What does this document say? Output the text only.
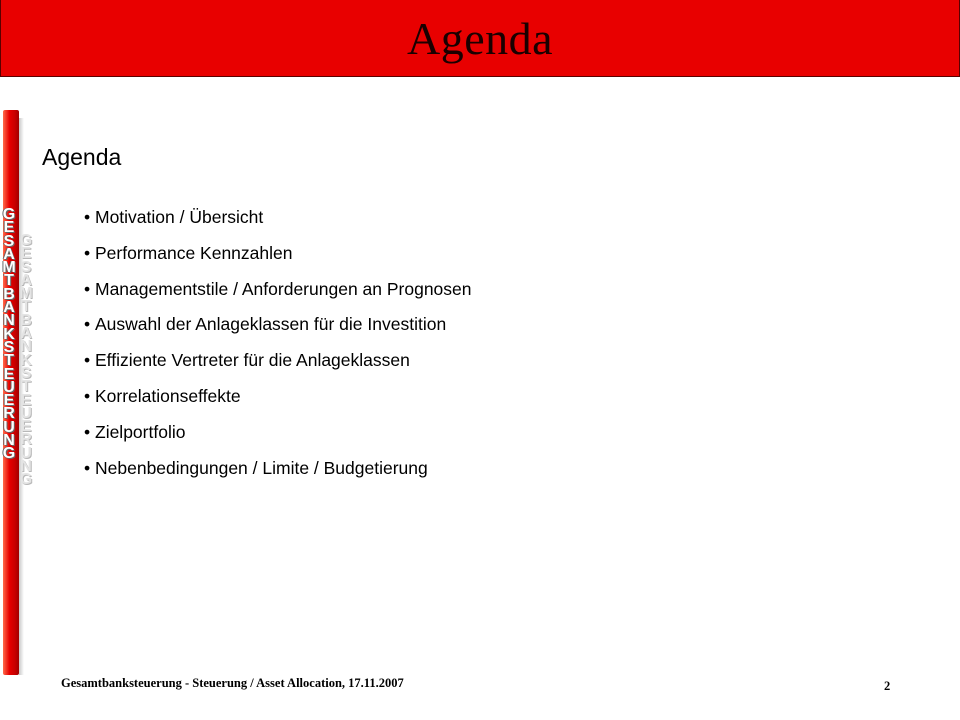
Agenda
GESAMTBANKSTEUERUNG
GESAMTBANKSTEUERUNG
Agenda
• Motivation / Übersicht
• Performance Kennzahlen
• Managementstile / Anforderungen an Prognosen
• Auswahl der Anlageklassen für die Investition
• Effiziente Vertreter für die Anlageklassen
• Korrelationseffekte
• Zielportfolio
• Nebenbedingungen / Limite / Budgetierung
Gesamtbanksteuerung - Steuerung / Asset Allocation, 17.11.2007	2
